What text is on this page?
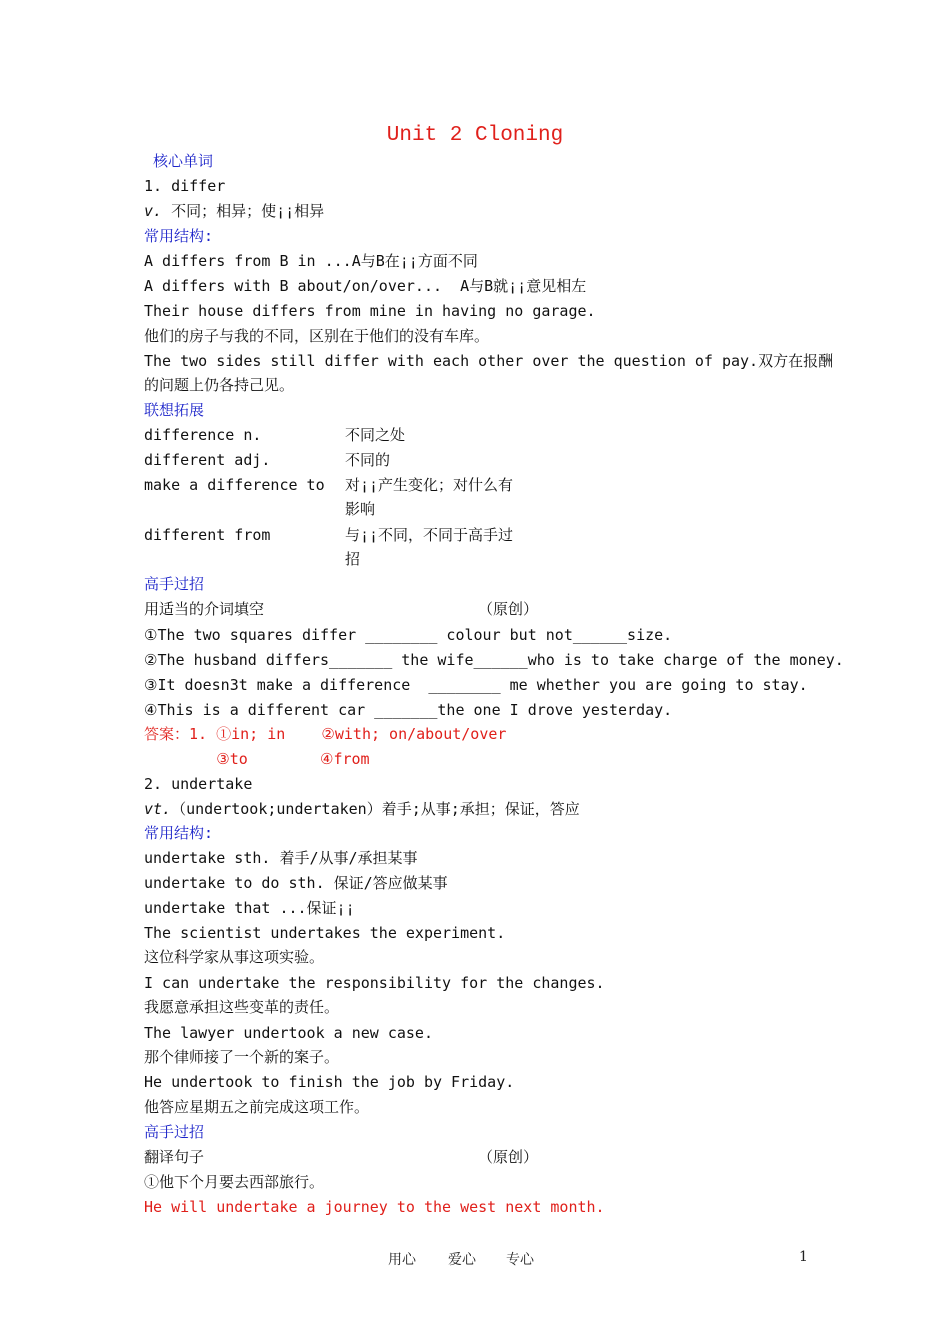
Unit 2 Cloning
核心单词
1. differ
v. 不同；相异；使¡¡相异
常用结构:
A differs from B in ...A与B在¡¡方面不同
A differs with B about/on/over...  A与B就¡¡意见相左
Their house differs from mine in having no garage.
他们的房子与我的不同，区别在于他们的没有车库。
The two sides still differ with each other over the question of pay.双方在报酬
的问题上仍各持己见。
联想拓展
difference n.	不同之处
different adj.	不同的
make a difference to 对¡¡产生变化；对什么有
影响
different from	与¡¡不同，不同于高手过
招
高手过招
用适当的介词填空	（原创）
①The two squares differ ________ colour but not______size.
②The husband differs_______ the wife______who is to take charge of the money.
③It doesn3t make a difference  ________ me whether you are going to stay.
④This is a different car _______the one I drove yesterday.
答案：1. ①in; in    ②with; on/about/over
③to        ④from
2. undertake
vt.（undertook;undertaken）着手;从事;承担；保证，答应
常用结构:
undertake sth. 着手/从事/承担某事
undertake to do sth. 保证/答应做某事
undertake that ...保证¡¡
The scientist undertakes the experiment.
这位科学家从事这项实验。
I can undertake the responsibility for the changes.
我愿意承担这些变革的责任。
The lawyer undertook a new case.
那个律师接了一个新的案子。
He undertook to finish the job by Friday.
他答应星期五之前完成这项工作。
高手过招
翻译句子	（原创）
①他下个月要去西部旅行。
He will undertake a journey to the west next month.
用心 爱心 专心	1
